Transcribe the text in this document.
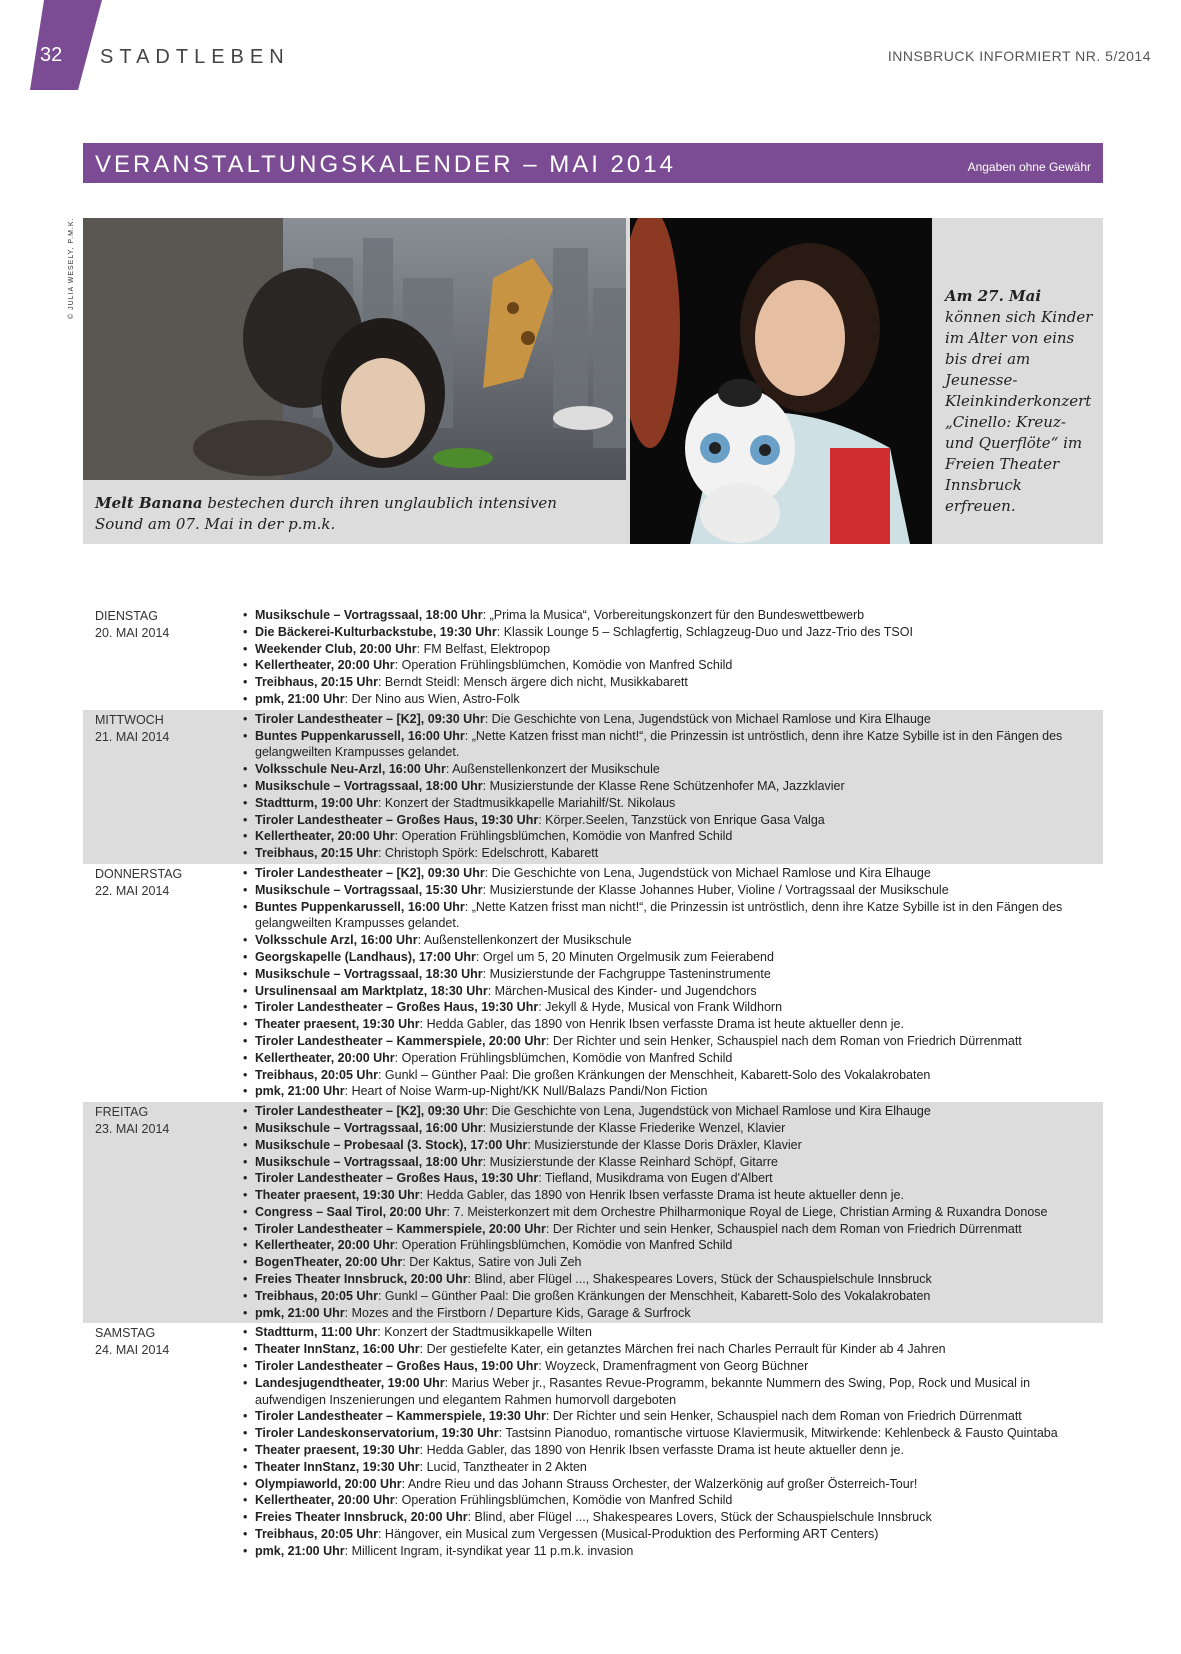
32 STADTLEBEN	INNSBRUCK INFORMIERT NR. 5/2014
VERANSTALTUNGSKALENDER – MAI 2014	Angaben ohne Gewähr
© JULIA WESELY, P.M.K.
Melt Banana bestechen durch ihren unglaublich intensiven Sound am 07. Mai in der p.m.k.
Am 27. Mai können sich Kinder im Alter von eins bis drei am Jeunesse-Kleinkinderkonzert „Cinello: Kreuz- und Querflöte“ im Freien Theater Innsbruck erfreuen.
DIENSTAG
20. MAI 2014
• Musikschule – Vortragssaal, 18:00 Uhr: „Prima la Musica“, Vorbereitungskonzert für den Bundeswettbewerb
• Die Bäckerei-Kulturbackstube, 19:30 Uhr: Klassik Lounge 5 – Schlagfertig, Schlagzeug-Duo und Jazz-Trio des TSOI
• Weekender Club, 20:00 Uhr: FM Belfast, Elektropop
• Kellertheater, 20:00 Uhr: Operation Frühlingsblümchen, Komödie von Manfred Schild
• Treibhaus, 20:15 Uhr: Berndt Steidl: Mensch ärgere dich nicht, Musikkabarett
• pmk, 21:00 Uhr: Der Nino aus Wien, Astro-Folk
MITTWOCH
21. MAI 2014
• Tiroler Landestheater – [K2], 09:30 Uhr: Die Geschichte von Lena, Jugendstück von Michael Ramlose und Kira Elhauge
• Buntes Puppenkarussell, 16:00 Uhr: „Nette Katzen frisst man nicht!“, die Prinzessin ist untröstlich, denn ihre Katze Sybille ist in den Fängen des gelangweilten Krampusses gelandet.
• Volksschule Neu-Arzl, 16:00 Uhr: Außenstellenkonzert der Musikschule
• Musikschule – Vortragssaal, 18:00 Uhr: Musizierstunde der Klasse Rene Schützenhofer MA, Jazzklavier
• Stadtturm, 19:00 Uhr: Konzert der Stadtmusikkapelle Mariahilf/St. Nikolaus
• Tiroler Landestheater – Großes Haus, 19:30 Uhr: Körper.Seelen, Tanzstück von Enrique Gasa Valga
• Kellertheater, 20:00 Uhr: Operation Frühlingsblümchen, Komödie von Manfred Schild
• Treibhaus, 20:15 Uhr: Christoph Spörk: Edelschrott, Kabarett
DONNERSTAG
22. MAI 2014
• Tiroler Landestheater – [K2], 09:30 Uhr: Die Geschichte von Lena, Jugendstück von Michael Ramlose und Kira Elhauge
• Musikschule – Vortragssaal, 15:30 Uhr: Musizierstunde der Klasse Johannes Huber, Violine / Vortragssaal der Musikschule
• Buntes Puppenkarussell, 16:00 Uhr: „Nette Katzen frisst man nicht!“, die Prinzessin ist untröstlich, denn ihre Katze Sybille ist in den Fängen des gelangweilten Krampusses gelandet.
• Volksschule Arzl, 16:00 Uhr: Außenstellenkonzert der Musikschule
• Georgskapelle (Landhaus), 17:00 Uhr: Orgel um 5, 20 Minuten Orgelmusik zum Feierabend
• Musikschule – Vortragssaal, 18:30 Uhr: Musizierstunde der Fachgruppe Tasteninstrumente
• Ursulinensaal am Marktplatz, 18:30 Uhr: Märchen-Musical des Kinder- und Jugendchors
• Tiroler Landestheater – Großes Haus, 19:30 Uhr: Jekyll & Hyde, Musical von Frank Wildhorn
• Theater praesent, 19:30 Uhr: Hedda Gabler, das 1890 von Henrik Ibsen verfasste Drama ist heute aktueller denn je.
• Tiroler Landestheater – Kammerspiele, 20:00 Uhr: Der Richter und sein Henker, Schauspiel nach dem Roman von Friedrich Dürrenmatt
• Kellertheater, 20:00 Uhr: Operation Frühlingsblümchen, Komödie von Manfred Schild
• Treibhaus, 20:05 Uhr: Gunkl – Günther Paal: Die großen Kränkungen der Menschheit, Kabarett-Solo des Vokalakrobaten
• pmk, 21:00 Uhr: Heart of Noise Warm-up-Night/KK Null/Balazs Pandi/Non Fiction
FREITAG
23. MAI 2014
• Tiroler Landestheater – [K2], 09:30 Uhr: Die Geschichte von Lena, Jugendstück von Michael Ramlose und Kira Elhauge
• Musikschule – Vortragssaal, 16:00 Uhr: Musizierstunde der Klasse Friederike Wenzel, Klavier
• Musikschule – Probesaal (3. Stock), 17:00 Uhr: Musizierstunde der Klasse Doris Dräxler, Klavier
• Musikschule – Vortragssaal, 18:00 Uhr: Musizierstunde der Klasse Reinhard Schöpf, Gitarre
• Tiroler Landestheater – Großes Haus, 19:30 Uhr: Tiefland, Musikdrama von Eugen d'Albert
• Theater praesent, 19:30 Uhr: Hedda Gabler, das 1890 von Henrik Ibsen verfasste Drama ist heute aktueller denn je.
• Congress – Saal Tirol, 20:00 Uhr: 7. Meisterkonzert mit dem Orchestre Philharmonique Royal de Liege, Christian Arming & Ruxandra Donose
• Tiroler Landestheater – Kammerspiele, 20:00 Uhr: Der Richter und sein Henker, Schauspiel nach dem Roman von Friedrich Dürrenmatt
• Kellertheater, 20:00 Uhr: Operation Frühlingsblümchen, Komödie von Manfred Schild
• BogenTheater, 20:00 Uhr: Der Kaktus, Satire von Juli Zeh
• Freies Theater Innsbruck, 20:00 Uhr: Blind, aber Flügel ..., Shakespeares Lovers, Stück der Schauspielschule Innsbruck
• Treibhaus, 20:05 Uhr: Gunkl – Günther Paal: Die großen Kränkungen der Menschheit, Kabarett-Solo des Vokalakrobaten
• pmk, 21:00 Uhr: Mozes and the Firstborn / Departure Kids, Garage & Surfrock
SAMSTAG
24. MAI 2014
• Stadtturm, 11:00 Uhr: Konzert der Stadtmusikkapelle Wilten
• Theater InnStanz, 16:00 Uhr: Der gestiefelte Kater, ein getanztes Märchen frei nach Charles Perrault für Kinder ab 4 Jahren
• Tiroler Landestheater – Großes Haus, 19:00 Uhr: Woyzeck, Dramenfragment von Georg Büchner
• Landesjugendtheater, 19:00 Uhr: Marius Weber jr., Rasantes Revue-Programm, bekannte Nummern des Swing, Pop, Rock und Musical in aufwendigen Inszenierungen und elegantem Rahmen humorvoll dargeboten
• Tiroler Landestheater – Kammerspiele, 19:30 Uhr: Der Richter und sein Henker, Schauspiel nach dem Roman von Friedrich Dürrenmatt
• Tiroler Landeskonservatorium, 19:30 Uhr: Tastsinn Pianoduo, romantische virtuose Klaviermusik, Mitwirkende: Kehlenbeck & Fausto Quintaba
• Theater praesent, 19:30 Uhr: Hedda Gabler, das 1890 von Henrik Ibsen verfasste Drama ist heute aktueller denn je.
• Theater InnStanz, 19:30 Uhr: Lucid, Tanztheater in 2 Akten
• Olympiaworld, 20:00 Uhr: Andre Rieu und das Johann Strauss Orchester, der Walzerkönig auf großer Österreich-Tour!
• Kellertheater, 20:00 Uhr: Operation Frühlingsblümchen, Komödie von Manfred Schild
• Freies Theater Innsbruck, 20:00 Uhr: Blind, aber Flügel ..., Shakespeares Lovers, Stück der Schauspielschule Innsbruck
• Treibhaus, 20:05 Uhr: Hängover, ein Musical zum Vergessen (Musical-Produktion des Performing ART Centers)
• pmk, 21:00 Uhr: Millicent Ingram, it-syndikat year 11 p.m.k. invasion
